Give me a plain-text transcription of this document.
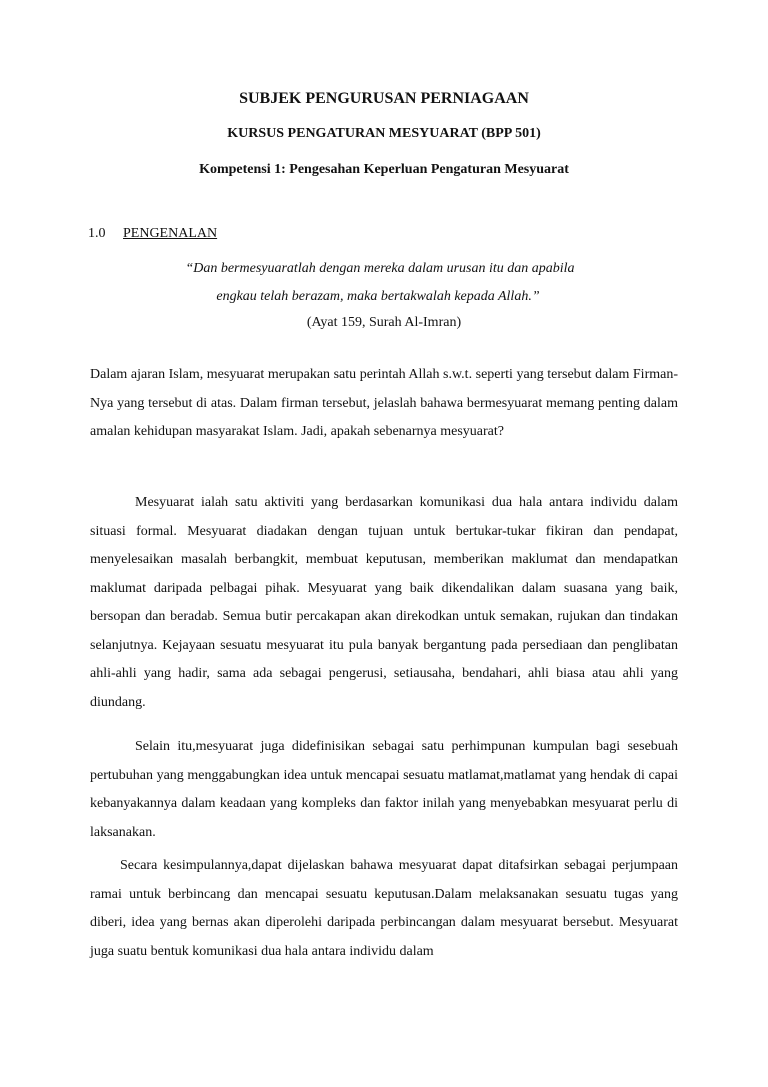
SUBJEK PENGURUSAN PERNIAGAAN
KURSUS PENGATURAN MESYUARAT (BPP 501)
Kompetensi 1: Pengesahan Keperluan Pengaturan Mesyuarat
1.0 PENGENALAN
“Dan bermesyuaratlah dengan mereka dalam urusan itu dan apabila
engkau telah berazam, maka bertakwalah kepada Allah.”
(Ayat 159, Surah Al-Imran)

Dalam ajaran Islam, mesyuarat merupakan satu perintah Allah s.w.t. seperti yang tersebut dalam Firman-Nya yang tersebut di atas. Dalam firman tersebut, jelaslah bahawa bermesyuarat memang penting dalam amalan kehidupan masyarakat Islam. Jadi, apakah sebenarnya mesyuarat?

Mesyuarat ialah satu aktiviti yang berdasarkan komunikasi dua hala antara individu dalam situasi formal. Mesyuarat diadakan dengan tujuan untuk bertukar-tukar fikiran dan pendapat, menyelesaikan masalah berbangkit, membuat keputusan, memberikan maklumat dan mendapatkan maklumat daripada pelbagai pihak. Mesyuarat yang baik dikendalikan dalam suasana yang baik, bersopan dan beradab. Semua butir percakapan akan direkodkan untuk semakan, rujukan dan tindakan selanjutnya. Kejayaan sesuatu mesyuarat itu pula banyak bergantung pada persediaan dan penglibatan ahli-ahli yang hadir, sama ada sebagai pengerusi, setiausaha, bendahari, ahli biasa atau ahli yang diundang.

Selain itu,mesyuarat juga didefinisikan sebagai satu perhimpunan kumpulan bagi sesebuah pertubuhan yang menggabungkan idea untuk mencapai sesuatu matlamat,matlamat yang hendak di capai kebanyakannya dalam keadaan yang kompleks dan faktor inilah yang menyebabkan mesyuarat perlu di laksanakan.

Secara kesimpulannya,dapat dijelaskan bahawa mesyuarat dapat ditafsirkan sebagai perjumpaan ramai untuk berbincang dan mencapai sesuatu keputusan.Dalam melaksanakan sesuatu tugas yang diberi, idea yang bernas akan diperolehi daripada perbincangan dalam mesyuarat bersebut. Mesyuarat juga suatu bentuk komunikasi dua hala antara individu dalam
